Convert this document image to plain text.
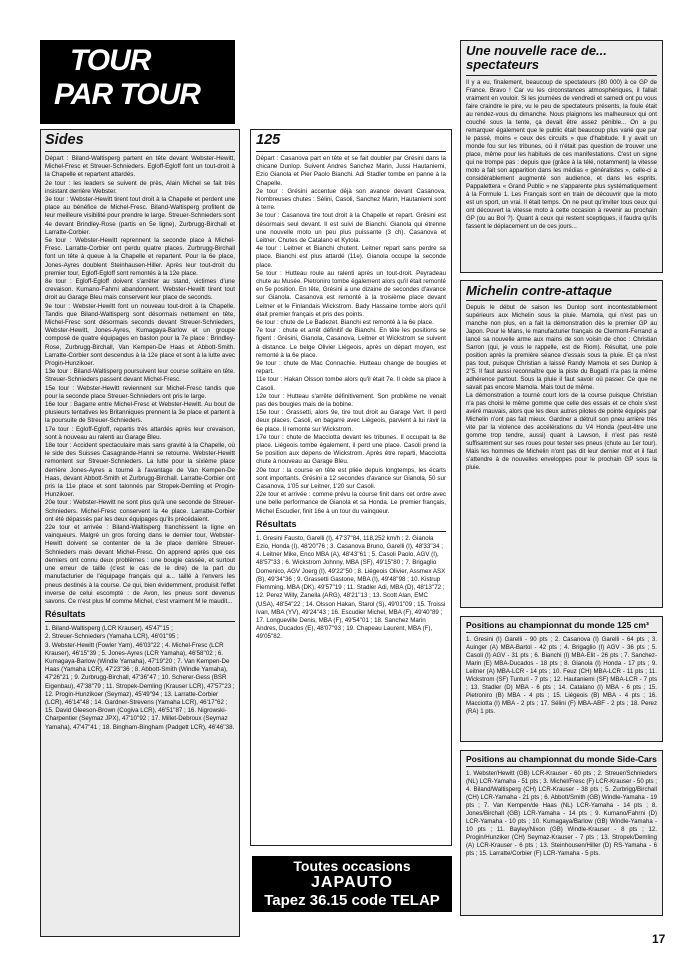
TOUR
PAR TOUR
Sides

Départ : Biland-Waltisperg partent en tête devant Webster-Hewitt, Michel-Fresc et Streuer-Schnieders. Egloff-Egloff font un tout-droit à la Chapelle et repartent attardés.
2e tour : les leaders se suivent de près, Alain Michel se fait très insistant derrière Webster.
3e tour : Webster-Hewitt tirent tout droit à la Chapelle et perdent une place au bénéfice de Michel-Fresc. Biland-Waltisperg profitent de leur meilleure visibilité pour prendre le large. Streuer-Schnieders sont 4e devant Brindley-Rose (partis en 5e ligne), Zurbrugg-Birchall et Larratte-Corbier.
5e tour : Webster-Hewitt reprennent la seconde place à Michel-Fresc. Larratte-Corbier ont perdu quatre places. Zurbrugg-Birchall font un tête à queue à la Chapelle et repartent. Pour la 6e place, Jones-Ayres doublent Steinhausen-Hiller. Après leur tout-droit du premier tour, Egloff-Egloff sont remontés à la 12e place.
8e tour : Egloff-Egloff doivent s'arrêter au stand, victimes d'une crevaison. Kumano-Fahrni abandonnent. Webster-Hewitt tirent tout droit au Garage Bleu mais conservent leur place de seconds.
9e tour : Webster-Hewitt font un nouveau tout-droit à la Chapelle. Tandis que Biland-Waltisperg sont désormais nettement en tête, Michel-Fresc sont désormais seconds devant Streuer-Schnieders, Webster-Hewitt, Jones-Ayres, Kumagaya-Barlow et un groupe composé de quatre équipages en baston pour la 7e place : Brindley-Rose, Zurbrugg-Birchall, Van Kempen-De Haas et Abbott-Smith. Larratte-Corbier sont descendus à la 12e place et sont à la lutte avec Progin-Hunzikoer.
13e tour : Biland-Waltisperg poursuivent leur course solitaire en tête. Streuer-Schnieders passent devant Michel-Fresc.
15e tour : Webster-Hewitt reviennent sur Michel-Fresc tandis que pour la seconde place Streuer-Schnieders ont pris le large.
16e tour : Bagarre entre Michel-Fresc et Webster-Hewitt. Au bout de plusieurs tentatives les Britanniques prennent la 3e place et partent à la poursuite de Streuer-Schnieders.
17e tour : Egloff-Egloff, repartis très attardés après leur crevaison, sont à nouveau au ralenti au Garage Bleu.
18e tour : Accident spectaculaire mais sans gravité à la Chapelle, où le side des Suisses Casagrande-Hanni se retourne. Webster-Hewitt remontent sur Streuer-Schnieders. La lutte pour la sixième place derrière Jones-Ayres a tourné à l'avantage de Van Kempen-De Haas, devant Abbott-Smith et Zurbrugg-Birchall. Larratte-Corbier ont pris la 11e place et sont talonnés par Stropek-Demling et Progin-Hunzikoer.
20e tour : Webster-Hewitt ne sont plus qu'à une seconde de Streuer-Schnieders. Michel-Fresc conservent la 4e place. Larratte-Corbier ont été dépassés par les deux équipages qu'ils précédaient.
22e tour et arrivée : Biland-Waltisperg franchissent la ligne en vainqueurs. Malgré un gros forcing dans le dernier tour, Webster-Hewitt doivent se contenter de la 3e place derrière Streuer-Schnieders mais devant Michel-Fresc. On apprend après que ces derniers ont connu deux problèmes : une bougie cassée, et surtout une erreur de taille (c'est le cas de le dire) de la part du manufacturier de l'équipage français qui a... taillé à l'envers les pneus destinés à la course. Ce qui, bien évidemment, produisit l'effet inverse de celui escompté : de Avon, les pneus sont devenus savons. Ce n'est plus M comme Michel, c'est vraiment M le maudit...

Résultats

1. Biland-Waltisperg (LCR Krauser), 45'47''15 ;

2. Streuer-Schnieders (Yamaha LCR), 46'01''95 ;

3. Webster-Hewitt (Fowler Yam), 46'03''22 ; 4. Michel-Fresc (LCR Krauser), 46'15''39 ; 5. Jones-Ayres (LCR Yamaha), 46'58''02 ; 6. Kumagaya-Barlow (Windle Yamaha), 47'19''20 ; 7. Van Kempen-De Haas (Yamaha LCR), 47'23''36 ; 8. Abbott-Smith (Windle Yamaha), 47'26''21 ; 9. Zurbrugg-Birchall, 47'36''47 ; 10. Scherer-Gess (BSR Eigenbau), 47'38''79 ; 11. Stropek-Demling (Krauser LCR), 47'57''23 ; 12. Progin-Hunzikoer (Seymaz), 45'49''94 ; 13. Larratte-Corbier (LCR), 46'14''48 ; 14. Gardner-Strevens (Yamaha LCR), 46'17''62 ; 15. David Gleeson-Brown (Cogiva LCR), 46'51''87 ; 16. Nigrowski-Charpentier (Seymaz JPX), 47'10''92 ; 17. Millet-Debroux (Seymaz Yamaha), 47'47''41 ; 18. Bingham-Bingham (Padgett LCR), 46'46''38.

125

Départ : Casanova part en tête et se fait doubler par Grésini dans la chicane Dunlop. Suivent Andres Sanchez Marin, Jussi Hautaniemi, Ezio Gianola et Pier Paolo Bianchi. Adi Stadler tombe en panne à la Chapelle.
2e tour : Grésini accentue déjà son avance devant Casanova. Nombreuses chutes : Sélini, Casoli, Sanchez Marin, Hautaniemi sont à terre.
3e tour : Casanova tire tout droit à la Chapelle et repart. Grésini est désormais seul devant. Il est suivi de Bianchi. Gianola qui étrenne une nouvelle moto un peu plus puissante (3 ch). Casanova et Leitner. Chutes de Catalano et Kytola.
4e tour : Leitner et Bianchi chutent. Leitner repart sans perdre sa place. Bianchi est plus attardé (11e). Gianola occupe la seconde place.
5e tour : Hutteau roule au ralenti après un tout-droit. Peyradeau chute au Musée. Pietroniro tombe également alors qu'il était remonté en 5e position. En tête, Grésini a une dizaine de secondes d'avance sur Gianola. Casanova est remonté à la troisième place devant Leitner et le Finlandais Wickstrom. Bady Hassaine tombe alors qu'il était premier français et pris des points.
6e tour : chute de Le Badezet. Bianchi est remonté à la 6e place.
7e tour : chute et arrêt définitif de Bianchi. En tête les positions se figent : Grésini, Gianola, Casanova, Leitner et Wickstrom se suivent à distance. Le belge Olivier Liégeois, après un départ moyen, est remonté à la 6e place.
9e tour : chute de Mac Connachie. Hutteau change de bougies et repart.
11e tour : Hakan Olsson tombe alors qu'il était 7e. Il cède sa place à Casoli.
12e tour : Hutteau s'arrête définitivement. Son problème ne venait pas des bougies mais de la bobine.
15e tour : Grassetti, alors 9e, tire tout droit au Garage Vert. Il perd deux places. Casoli, en bagarre avec Liégeois, parvient à lui ravir la 6e place. Il remonte sur Wickstrom.
17e tour : chute de Macciotta devant les tribunes. Il occupait la 8e place. Liégeois tombe également, il perd une place. Casoli prend la 5e position aux dépens de Wickstrom. Après être reparti, Macciotta chute à nouveau au Garage Bleu.
20e tour : la course en tête est pliée depuis longtemps, les écarts sont importants. Grésini a 12 secondes d'avance sur Gianola, 50 sur Casanova, 1'05 sur Leitner, 1'20 sur Casoli.
22e tour et arrivée : comme prévu la course finit dans cet ordre avec une belle performance de Gianola et sa Honda. Le premier français, Michel Escudier, finit 16e à un tour du vainqueur.

Résultats

1. Gresini Fausto, Garelli (I), 47'37''84, 118,252 km/h ; 2. Gianola Ezio, Honda (I), 48'20''76 ; 3. Casanova Bruno, Garelli (I), 48'33''34 ; 4. Leitner Mike, Enco MBA (A), 48'43''61 ; 5. Casoli Paolo, AGV (I), 48'57''33 ; 6. Wickstrom Johnny, MBA (SF), 49'15''80 ; 7. Brigaglio Domenico, AGV Joerg (I), 49'22''50 ; 8. Liégeois Olivier, Assmex ASX (B), 49'34''36 ; 9. Grassetti Gastone, MBA (I), 49'48''98 ; 10. Kistrup Flemming, MBA (DK), 49'57''19 ; 11. Stadler Adi, MBA (D), 48'13''72 ; 12. Perez Willy, Zanella (ARG), 48'21''13 ; 13. Scott Alan, EMC (USA), 48'54''22 ; 14. Olsson Hakan, Starol (S), 49'01''09 ; 15. Troissi Ivan, MBA (YV), 49'24''43 ; 16. Escudier Michel, MBA (F), 49'40''89 ; 17. Longueville Denis, MBA (F), 49'54''01 ; 18. Sanchez Marin Andres, Ducados (E), 48'07''93 ; 19. Chapeau Laurent, MBA (F), 49'05''82.

Toutes occasions
JAPAUTO
Tapez 36.15 code TELAP
Une nouvelle race de... spectateurs

Il y a eu, finalement, beaucoup de spectateurs (80 000) à ce GP de France. Bravo ! Car vu les circonstances atmosphériques, il fallait vraiment en vouloir. Si les journées de vendredi et samedi ont pu vous faire craindre le pire, vu le peu de spectateurs présents, la foule était au rendez-vous du dimanche. Nous plaignons les malheureux qui ont couché sous la tente, ça devait être assez pénible... On a pu remarquer également que le public était beaucoup plus varié que par le passé, moins « ceux des circuits » que d'habitude. Il y avait un monde fou sur les tribunes, où il n'était pas question de trouver une place, même pour les habitués de ces manifestations. C'est un signe qui ne trompe pas : depuis que (grâce à la télé, notamment) la vitesse moto a fait son apparition dans les médias « généralistes », celle-ci a considérablement augmenté son audience, et dans les esprits. Pappalettera « Grand Public » ne s'apparente plus systématiquement à la Formule 1. Les Français sont en train de découvrir que la moto est un sport, un vrai. Il était temps. On ne peut qu'inviter tous ceux qui ont découvert la vitesse moto à cette occasion à revenir au prochain GP (ou au Bol ?). Quant à ceux qui restent sceptiques, il faudra qu'ils fassent le déplacement un de ces jours...

Michelin contre-attaque

Depuis le début de saison les Dunlop sont incontestablement supérieurs aux Michelin sous la pluie. Mamola, qui n'est pas un manche non plus, en a fait la démonstration dès le premier GP au Japon. Pour le Mans, le manufacturier français de Clermont-Ferrand a lancé sa nouvelle arme aux mains de son voisin de choc : Christian Sarron (qui, je vous le rappelle, est de Riom). Résultat, une pole position après la première séance d'essais sous la pluie. Et ça n'est pas tout, puisque Christian a laissé Randy Mamola et ses Dunlop à 2''5. Il faut aussi reconnaître que la piste du Bugatti n'a pas la même adhérence partout. Sous la pluie il faut savoir où passer. Ce que ne savait pas encore Mamola. Mais tout de même.
La démonstration a tourné court lors de la course puisque Christian n'a pas choisi le même gomme que celle des essais et ce choix s'est avéré mauvais, alors que les deux autres pilotes de pointe équipés par Michelin n'ont pas fait mieux. Gardner a détruit son pneu arrière très vite par la violence des accélérations du V4 Honda (peut-être une gomme trop tendre, aussi) quant à Lawson, il n'est pas resté suffisamment sur ses roues pour tester ses pneus (chute au 1er tour). Mais les hommes de Michelin n'ont pas dit leur dernier mot et il faut s'attendre à de nouvelles enveloppes pour le prochain GP sous la pluie.

Positions au championnat du monde 125 cm³

1. Gresini (I) Garelli - 90 pts ; 2. Casanova (I) Garelli - 64 pts ; 3. Auinger (A) MBA-Bartol - 42 pts ; 4. Brigaglio (I) AGV - 36 pts ; 5. Casoli (I) AGV - 31 pts ; 6. Bianchi (I) MBA-Elit - 26 pts ; 7. Sanchez-Marin (E) MBA-Ducados - 18 pts ; 8. Gianola (I) Honda - 17 pts ; 9. Leitner (A) MBA-LCR - 14 pts ; 10. Feuz (CH) MBA-LCR - 11 pts ; 11. Wickstrom (SF) Tunturi - 7 pts ; 12. Hautaniemi (SF) MBA-LCR - 7 pts ; 13. Stadler (D) MBA - 6 pts ; 14. Catalano (I) MBA - 6 pts ; 15. Pietroniro (B) MBA - 4 pts ; 15. Liégeois (B) MBA - 4 pts ; 16. Macciotta (I) MBA - 2 pts ; 17. Sélini (F) MBA-ABF - 2 pts ; 18. Perez (RA) 1 pts.

Positions au championnat du monde Side-Cars

1. Webster/Hewitt (GB) LCR-Krauser - 60 pts ; 2. Streuer/Schnieders (NL) LCR-Yamaha - 51 pts ; 3. Michel/Fresc (F) LCR-Krauser - 50 pts ; 4. Biland/Waltisperg (CH) LCR-Krauser - 38 pts ; 5. Zurbrigg/Birchall (CH) LCR-Yamaha - 21 pts ; 6. Abbott/Smith (GB) Windle-Yamaha - 19 pts ; 7. Van Kempen/de Haas (NL) LCR-Yamaha - 14 pts ; 8. Jones/Birchall (GB) LCR-Yamaha - 14 pts ; 9. Kumano/Fahrni (D) LCR-Yamaha - 10 pts ; 10. Kumagaya/Barlow (GB) Windle-Yamaha - 10 pts ; 11. Bayley/Nixon (GB) Windle-Krauser - 8 pts ; 12. Progin/Hunziker (CH) Seymaz-Krauser - 7 pts ; 13. Stropek/Demling (A) LCR-Krauser - 6 pts ; 13. Steinhousen/Hiller (D) RS-Yamaha - 6 pts ; 15. Larratte/Corbier (F) LCR-Yamaha - 5 pts.

17
